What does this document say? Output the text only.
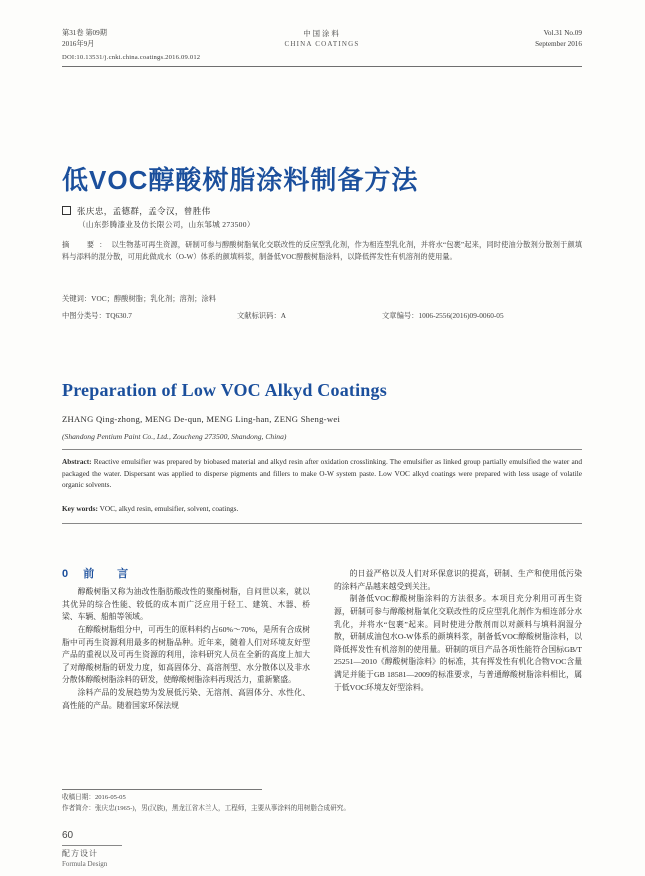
第31卷 第09期
2016年9月
中国涂料
CHINA COATINGS
Vol.31 No.09
September 2016
DOI:10.13531/j.cnki.china.coatings.2016.09.012
低VOC醇酸树脂涂料制备方法
张庆忠，孟德群，孟令汉，曾胜伟
（山东彭腾漆业及仿长限公司，山东邹城 273500）
摘　要：以生物基可再生资源，研制可参与醇酸树脂氧化交联改性的反应型乳化剂，作为相连型乳化剂，并将水“包裹”起来，同时使油分散剂分散剂于颜填料与添料的混分散，可用此做成水（O-W）体系的颜填料浆，制备低VOC醇酸树脂涂料，以降低挥发性有机溶剂的使用量。
关键词：VOC；醇酸树脂；乳化剂；溶剂；涂料
中图分类号：TQ630.7	文献标识码：A	文章编号：1006-2556(2016)09-0060-05
Preparation of Low VOC Alkyd Coatings
ZHANG Qing-zhong, MENG De-qun, MENG Ling-han, ZENG Sheng-wei
(Shandong Pentium Paint Co., Ltd., Zoucheng 273500, Shandong, China)
Abstract: Reactive emulsifier was prepared by biobased material and alkyd resin after oxidation crosslinking. The emulsifier as linked group partially emulsified the water and packaged the water. Dispersant was applied to disperse pigments and fillers to make O-W system paste. Low VOC alkyd coatings were prepared with less usage of volatile organic solvents.
Key words: VOC, alkyd resin, emulsifier, solvent, coatings.
0 前　言

醇酸树脂又称为油改性脂肪酸改性的聚酯树脂，自问世以来，就以其优异的综合性能、较低的成本而广泛应用于轻工、建筑、木器、桥梁、车辆、船舶等领域。

在醇酸树脂组分中，可再生的原料料约占60%～70%，是所有合成树脂中可再生资源利用最多的树脂品种。近年来，随着人们对环境友好型产品的重视以及可再生资源的利用，涂料研究人员在全新的高度上加大了对醇酸树脂的研发力度，如高固体分、高溶剂型、水分散体以及非水分散体醇酸树脂涂料的研发，使醇酸树脂涂料再现活力，重新繁盛。

涂料产品的发展趋势为发展低污染、无溶剂、高固体分、水性化、高性能的产品。随着国家环保法规

的日益严格以及人们对环保意识的提高，研制、生产和使用低污染的涂料产品越来越受到关注。

制备低VOC醇酸树脂涂料的方法很多。本项目充分利用可再生资源，研制可参与醇酸树脂氧化交联改性的反应型乳化剂作为相连部分水乳化，并将水“包裹”起来。同时使进分散剂而以对颜料与填料润湿分散，研制成油包水O-W体系的颜填料浆，制备低VOC醇酸树脂涂料，以降低挥发性有机溶剂的使用量。研制的项目产品各项性能符合国标GB/T 25251—2010《醇酸树脂涂料》的标准，其有挥发性有机化合物VOC含量满足并能于GB 18581—2009的标准要求，与普通醇酸树脂涂料相比，属于低VOC环境友好型涂料。

收稿日期：2016-05-05
作者简介：张庆忠(1965-)，男(汉族)，黑龙江省木兰人，工程师，主要从事涂料的用树脂合成研究。
60
配方设计
Formula Design
